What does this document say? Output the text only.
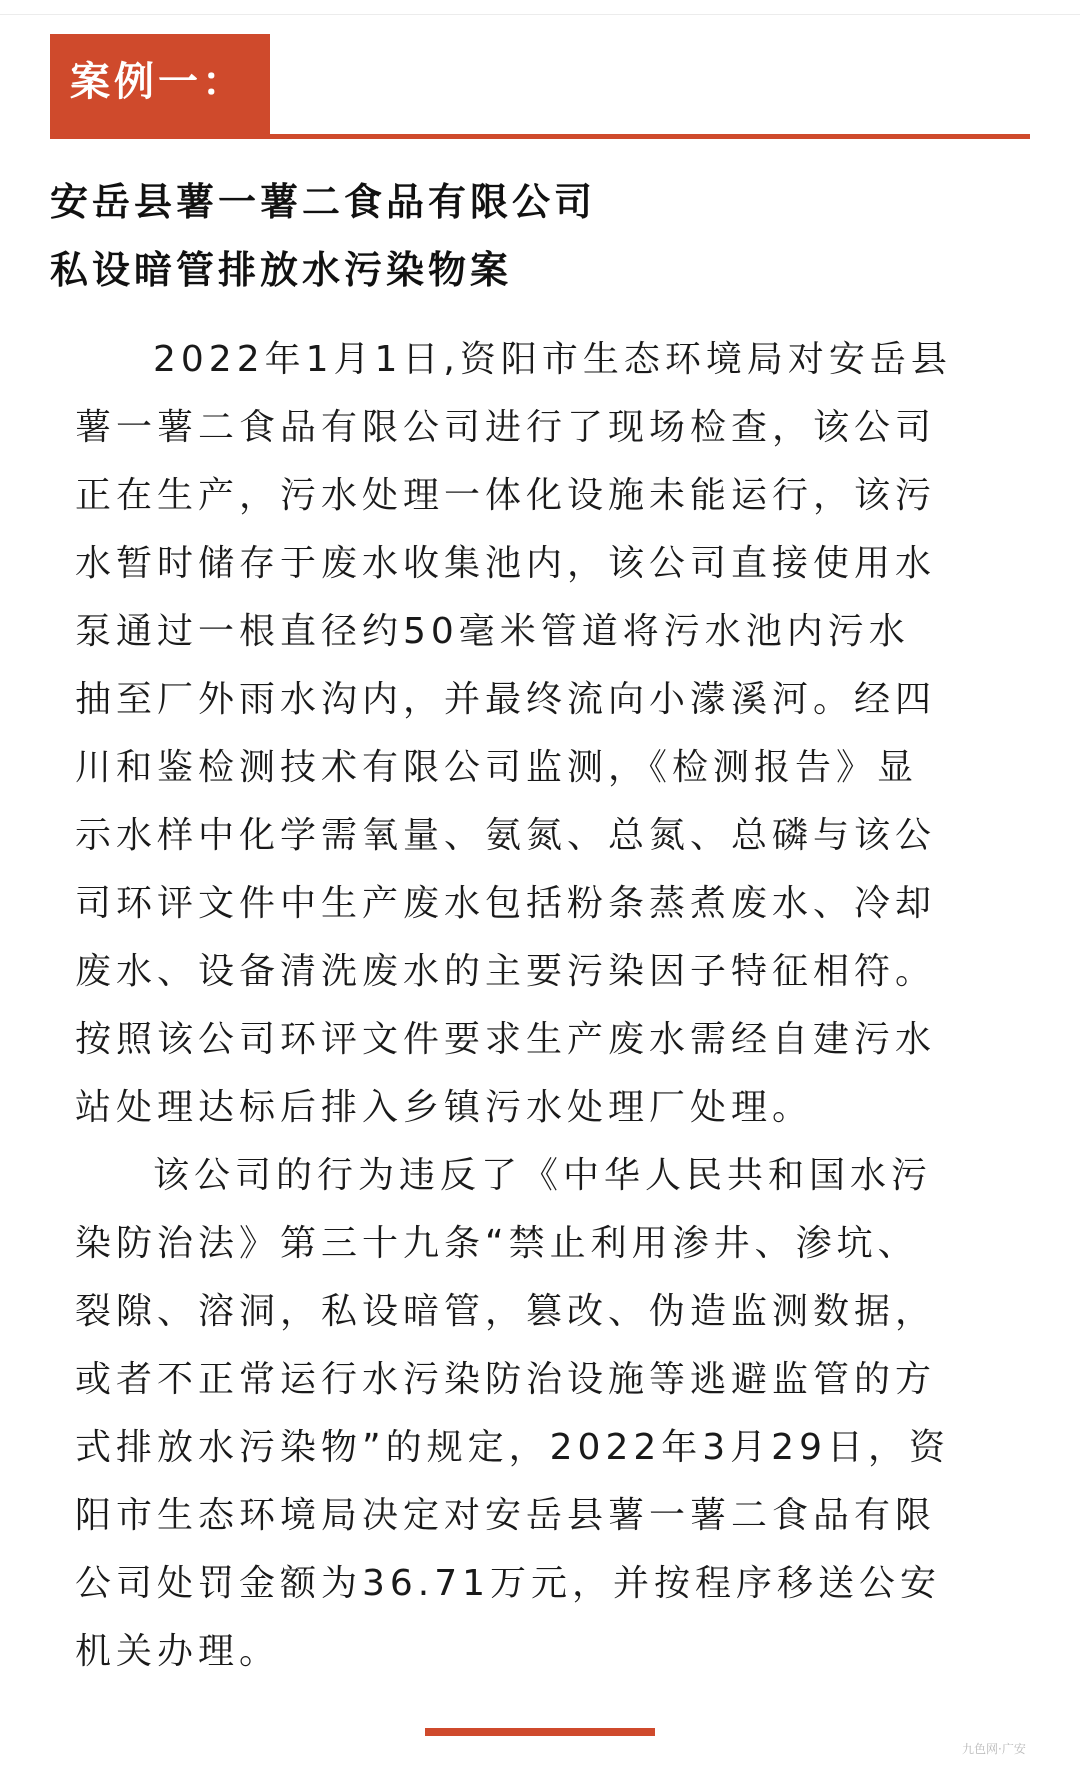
案例一：
安岳县薯一薯二食品有限公司
私设暗管排放水污染物案
2022年1月1日,资阳市生态环境局对安岳县
薯一薯二食品有限公司进行了现场检查，该公司
正在生产，污水处理一体化设施未能运行，该污
水暂时储存于废水收集池内，该公司直接使用水
泵通过一根直径约50毫米管道将污水池内污水
抽至厂外雨水沟内，并最终流向小濛溪河。经四
川和鉴检测技术有限公司监测，《检测报告》显
示水样中化学需氧量、氨氮、总氮、总磷与该公
司环评文件中生产废水包括粉条蒸煮废水、冷却
废水、设备清洗废水的主要污染因子特征相符。
按照该公司环评文件要求生产废水需经自建污水
站处理达标后排入乡镇污水处理厂处理。
该公司的行为违反了《中华人民共和国水污
染防治法》第三十九条“禁止利用渗井、渗坑、
裂隙、溶洞，私设暗管，篡改、伪造监测数据，
或者不正常运行水污染防治设施等逃避监管的方
式排放水污染物”的规定，2022年3月29日，资
阳市生态环境局决定对安岳县薯一薯二食品有限
公司处罚金额为36.71万元，并按程序移送公安
机关办理。
九色网·广安
